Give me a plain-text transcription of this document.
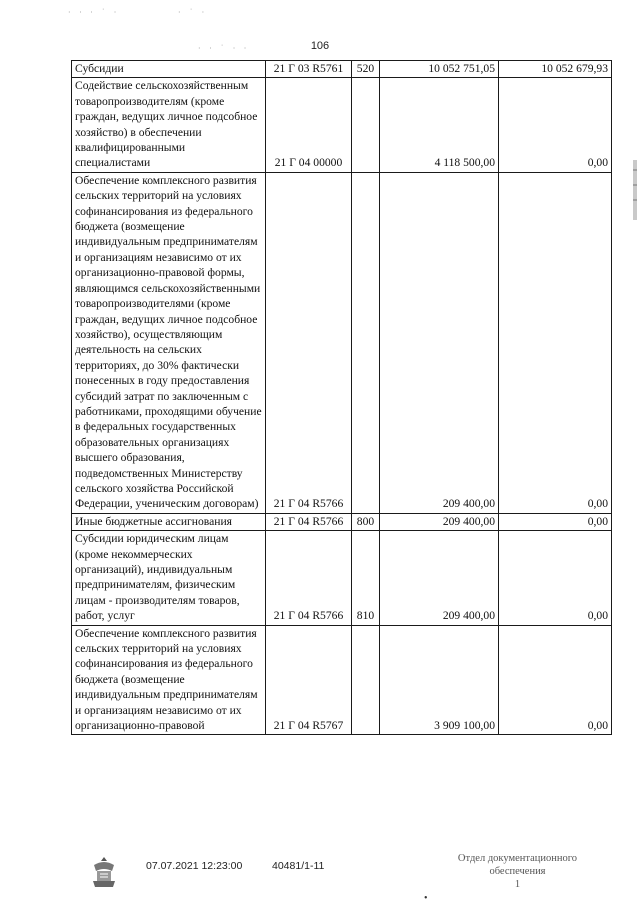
· · · ˙ ·	· ˙ ·
· · ˙ · ·	106
Субсидии	21 Г 03 R5761	520	10 052 751,05	10 052 679,93
Содействие сельскохозяйственным товаропроизводителям (кроме граждан, ведущих личное подсобное хозяйство) в обеспечении квалифицированными специалистами	21 Г 04 00000		4 118 500,00	0,00
Обеспечение комплексного развития сельских территорий на условиях софинансирования из федерального бюджета (возмещение индивидуальным предпринимателям и организациям независимо от их организационно-правовой формы, являющимся сельскохозяйственными товаропроизводителями (кроме граждан, ведущих личное подсобное хозяйство), осуществляющим деятельность на сельских территориях, до 30% фактически понесенных в году предоставления субсидий затрат по заключенным с работниками, проходящими обучение в федеральных государственных образовательных организациях высшего образования, подведомственных Министерству сельского хозяйства Российской Федерации, ученическим договорам)	21 Г 04 R5766		209 400,00	0,00
Иные бюджетные ассигнования	21 Г 04 R5766	800	209 400,00	0,00
Субсидии юридическим лицам (кроме некоммерческих организаций), индивидуальным предпринимателям, физическим лицам - производителям товаров, работ, услуг	21 Г 04 R5766	810	209 400,00	0,00
Обеспечение комплексного развития сельских территорий на условиях софинансирования из федерального бюджета (возмещение индивидуальным предпринимателям и организациям независимо от их организационно-правовой	21 Г 04 R5767		3 909 100,00	0,00
07.07.2021 12:23:00	40481/1-11
Отдел документационного
обеспечения
1
•
